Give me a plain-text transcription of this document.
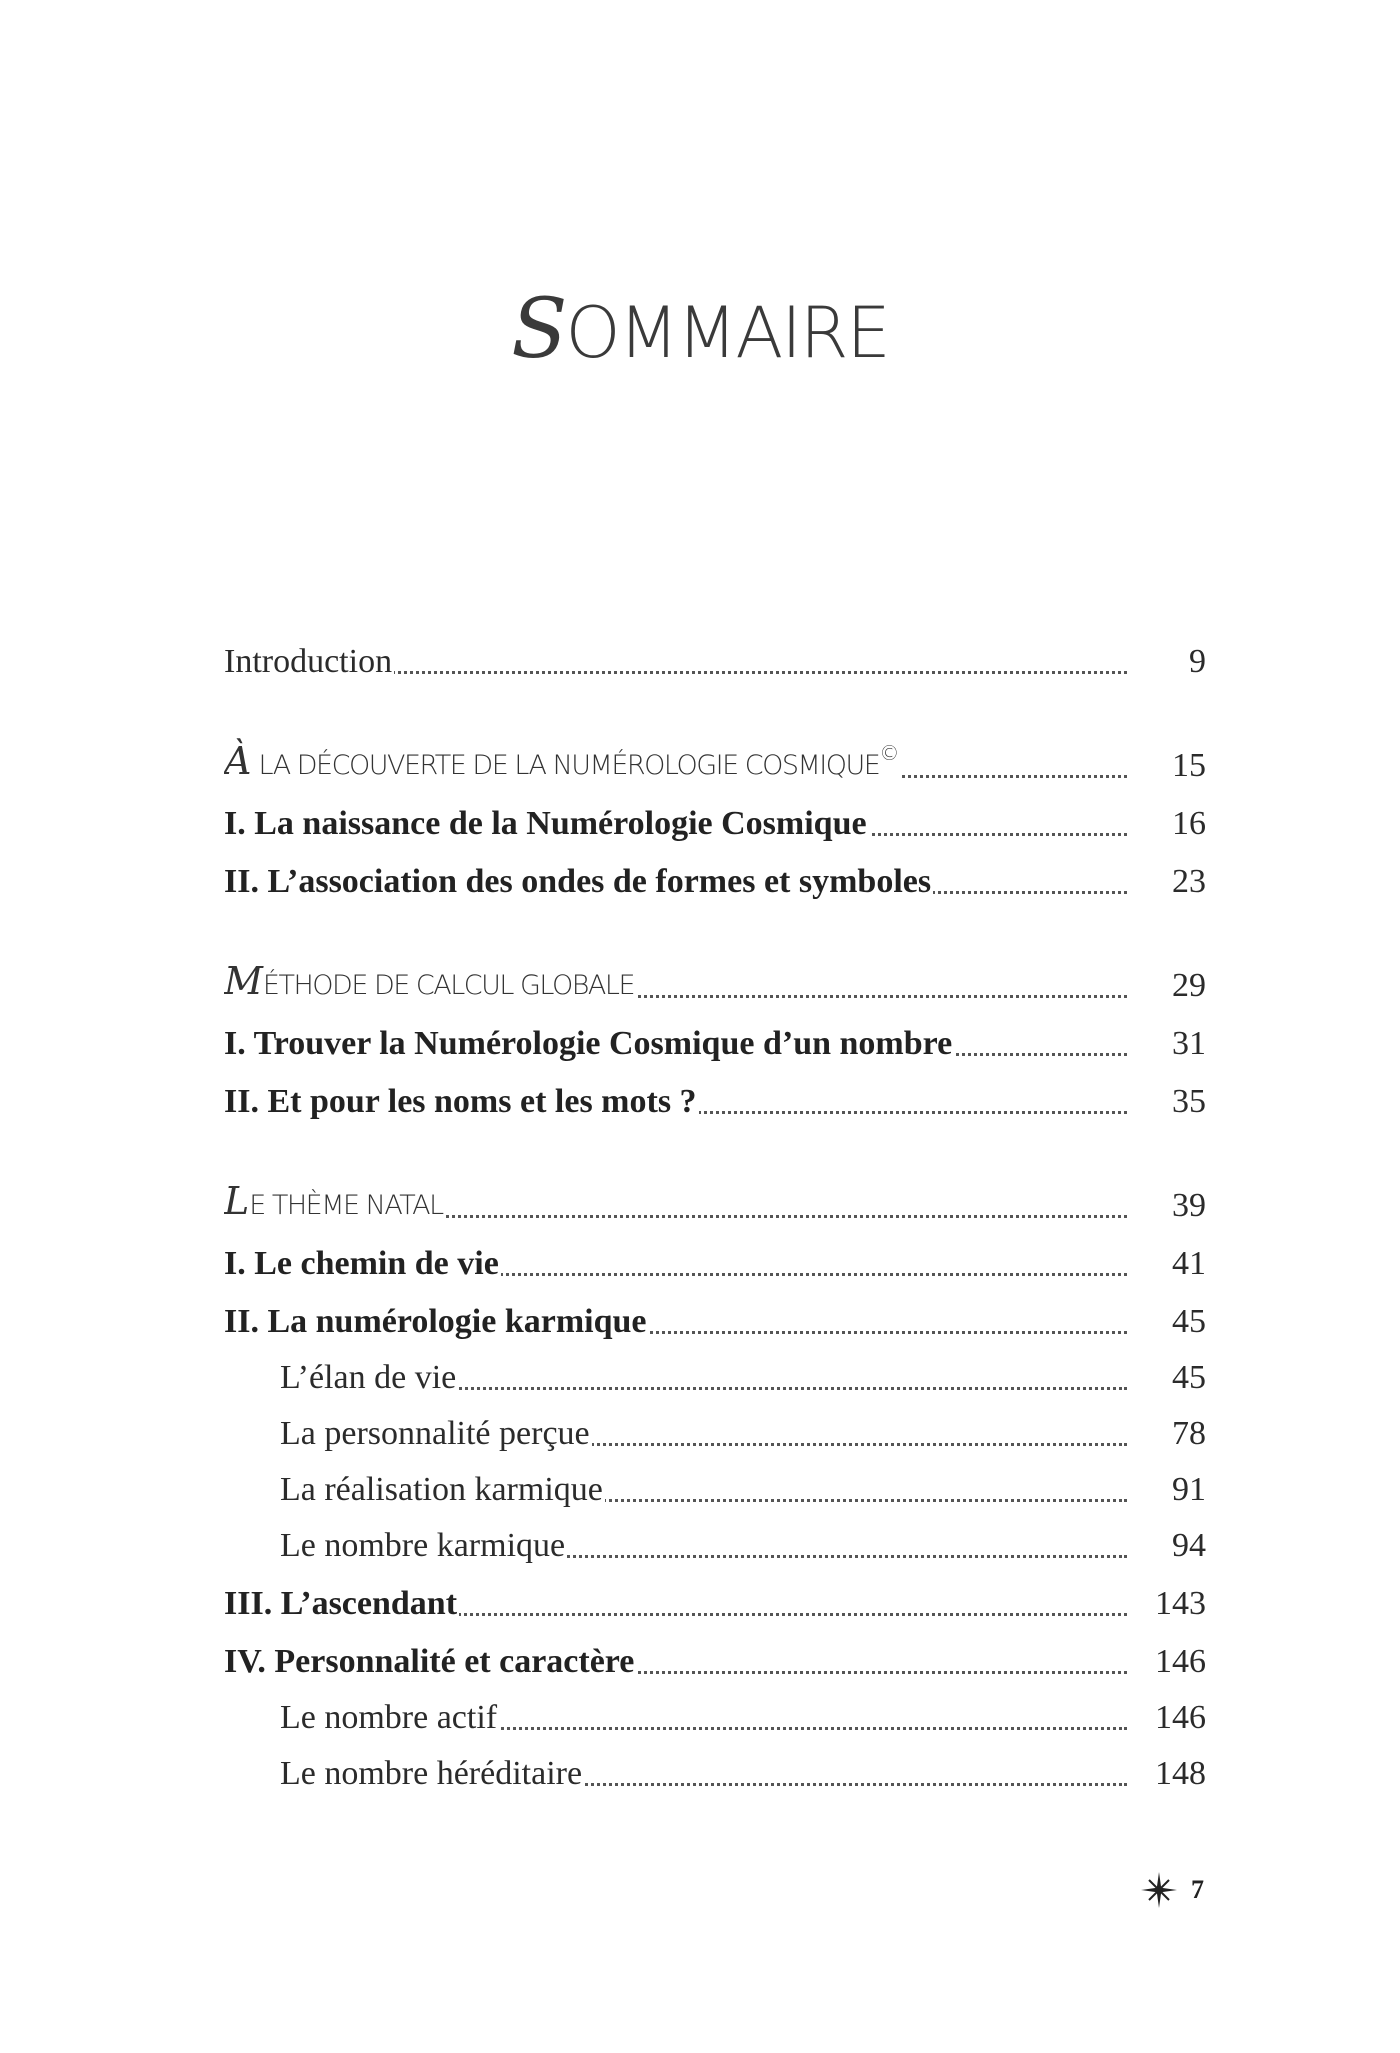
SOMMAIRE
Introduction	9
À LA DÉCOUVERTE DE LA NUMÉROLOGIE COSMIQUE©	15
I. La naissance de la Numérologie Cosmique	16
II. L’association des ondes de formes et symboles	23
MÉTHODE DE CALCUL GLOBALE	29
I. Trouver la Numérologie Cosmique d’un nombre	31
II. Et pour les noms et les mots ?	35
LE THÈME NATAL	39
I. Le chemin de vie	41
II. La numérologie karmique	45
L’élan de vie	45
La personnalité perçue	78
La réalisation karmique	91
Le nombre karmique	94
III. L’ascendant	143
IV. Personnalité et caractère	146
Le nombre actif	146
Le nombre héréditaire	148
7
